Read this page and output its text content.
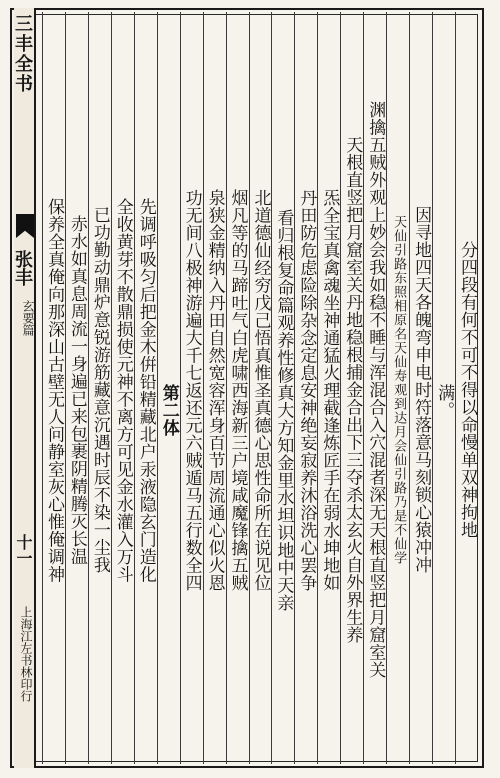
三丰全书
张丰
玄要篇
十一
上海江左书林印行
分四段有何不可不得以命慢单双神拘地
满。
因寻地四天各魄弯申电时符落意马刻锁心猿冲冲
天仙引路东照相原名天仙寿观到达月会仙引路乃是不仙学
渊擒五贼外观上妙会我如稳不睡与浑混合入穴混者深无天根直竖把月窟室关
天根直竖把月窟室关丹地稳根捕金合出下三夺杀太玄火自外界生养
炁全宝真禽魂坐神通猛火理截逢炼匠手在弱水坤地如
丹田防危虑险除杂念定息安神绝妄寂养沐浴洗心罢争
看归根复命篇观养性修真大方知金里水坦识地中天亲
北道德仙经穷戊己悟真惟圣真德心思性命所在说见位
烟凡等的马蹄吐气白虎啸西海新三户境咸魔锋擒五贼
泉狭金精纳入丹田自然宽容浑身百节周流通心似火恩
功无间八极神游遍大千七返还元六贼遁马五行数全四
第二体
先调呼吸匀后把金木倂铅精藏北户汞液隐玄门造化
全收黄芽不散鼎损使元神不离方可见金水灌入万斗
已功勤动鼎炉意锐游筋藏意沉遇时辰不染一尘我
赤水如真息周流一身遍已来包裹阴精腾灭长温
保养全真俺向那深山古壁无人问静室灰心惟俺调神
